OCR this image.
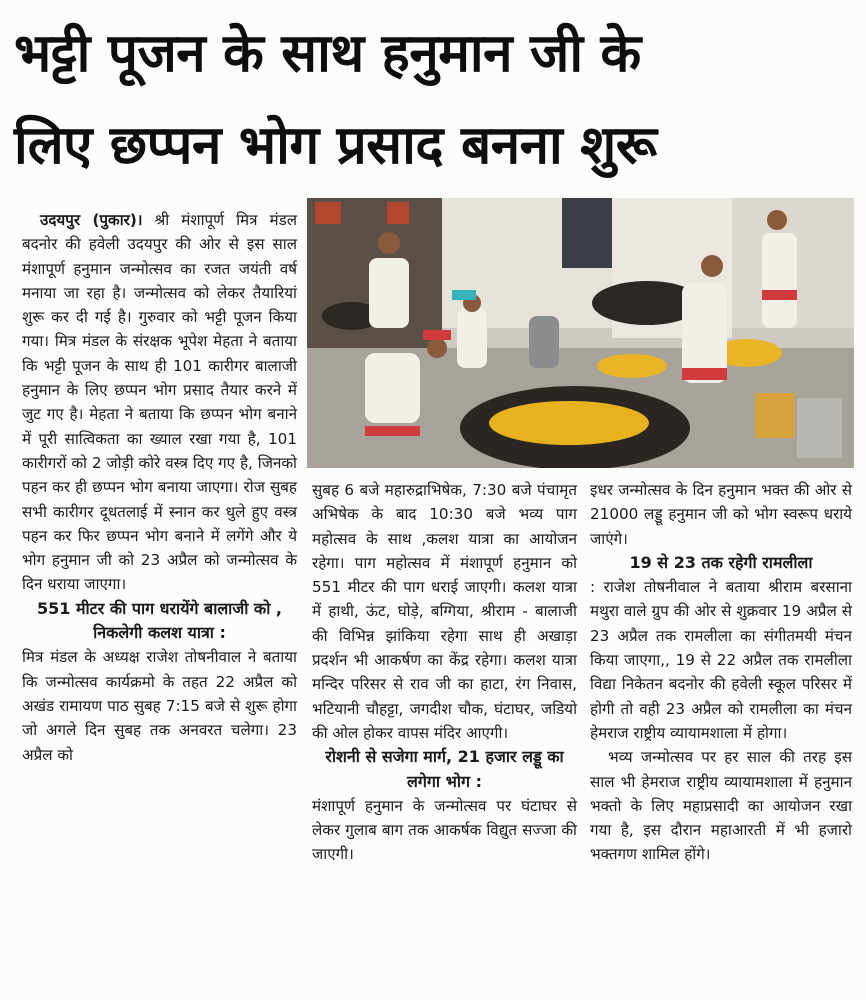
भट्टी पूजन के साथ हनुमान जी के
लिए छप्पन भोग प्रसाद बनना शुरू

उदयपुर (पुकार)। श्री मंशापूर्ण मित्र मंडल बदनोर की हवेली उदयपुर की ओर से इस साल मंशापूर्ण हनुमान जन्मोत्सव का रजत जयंती वर्ष मनाया जा रहा है। जन्मोत्सव को लेकर तैयारियां शुरू कर दी गई है। गुरुवार को भट्टी पूजन किया गया। मित्र मंडल के संरक्षक भूपेश मेहता ने बताया कि भट्टी पूजन के साथ ही 101 कारीगर बालाजी हनुमान के लिए छप्पन भोग प्रसाद तैयार करने में जुट गए है। मेहता ने बताया कि छप्पन भोग बनाने में पूरी सात्विकता का ख्याल रखा गया है, 101 कारीगरों को 2 जोड़ी कोरे वस्त्र दिए गए है, जिनको पहन कर ही छप्पन भोग बनाया जाएगा। रोज सुबह सभी कारीगर दूधतलाई में स्नान कर धुले हुए वस्त्र पहन कर फिर छप्पन भोग बनाने में लगेंगे और ये भोग हनुमान जी को 23 अप्रैल को जन्मोत्सव के दिन धराया जाएगा।

551 मीटर की पाग धरायेंगे बालाजी को , निकलेगी कलश यात्रा :

मित्र मंडल के अध्यक्ष राजेश तोषनीवाल ने बताया कि जन्मोत्सव कार्यक्रमो के तहत 22 अप्रैल को अखंड रामायण पाठ सुबह 7:15 बजे से शुरू होगा जो अगले दिन सुबह तक अनवरत चलेगा। 23 अप्रैल को

सुबह 6 बजे महारुद्राभिषेक, 7:30 बजे पंचामृत अभिषेक के बाद 10:30 बजे भव्य पाग महोत्सव के साथ ,कलश यात्रा का आयोजन रहेगा। पाग महोत्सव में मंशापूर्ण हनुमान को 551 मीटर की पाग धराई जाएगी। कलश यात्रा में हाथी, ऊंट, घोड़े, बग्गिया, श्रीराम - बालाजी की विभिन्न झांकिया रहेगा साथ ही अखाड़ा प्रदर्शन भी आकर्षण का केंद्र रहेगा। कलश यात्रा मन्दिर परिसर से राव जी का हाटा, रंग निवास, भटियानी चौहट्टा, जगदीश चौक, घंटाघर, जडियो की ओल होकर वापस मंदिर आएगी।

रोशनी से सजेगा मार्ग, 21 हजार लड्डू का लगेगा भोग :

मंशापूर्ण हनुमान के जन्मोत्सव पर घंटाघर से लेकर गुलाब बाग तक आकर्षक विद्युत सज्जा की जाएगी।

इधर जन्मोत्सव के दिन हनुमान भक्त की ओर से 21000 लड्डू हनुमान जी को भोग स्वरूप धराये जाएंगे।

19 से 23 तक रहेगी रामलीला

: राजेश तोषनीवाल ने बताया श्रीराम बरसाना मथुरा वाले ग्रुप की ओर से शुक्रवार 19 अप्रैल से 23 अप्रैल तक रामलीला का संगीतमयी मंचन किया जाएगा,, 19 से 22 अप्रैल तक रामलीला विद्या निकेतन बदनोर की हवेली स्कूल परिसर में होगी तो वही 23 अप्रैल को रामलीला का मंचन हेमराज राष्ट्रीय व्यायामशाला में होगा।

भव्य जन्मोत्सव पर हर साल की तरह इस साल भी हेमराज राष्ट्रीय व्यायामशाला में हनुमान भक्तो के लिए महाप्रसादी का आयोजन रखा गया है, इस दौरान महाआरती में भी हजारो भक्तगण शामिल होंगे।
